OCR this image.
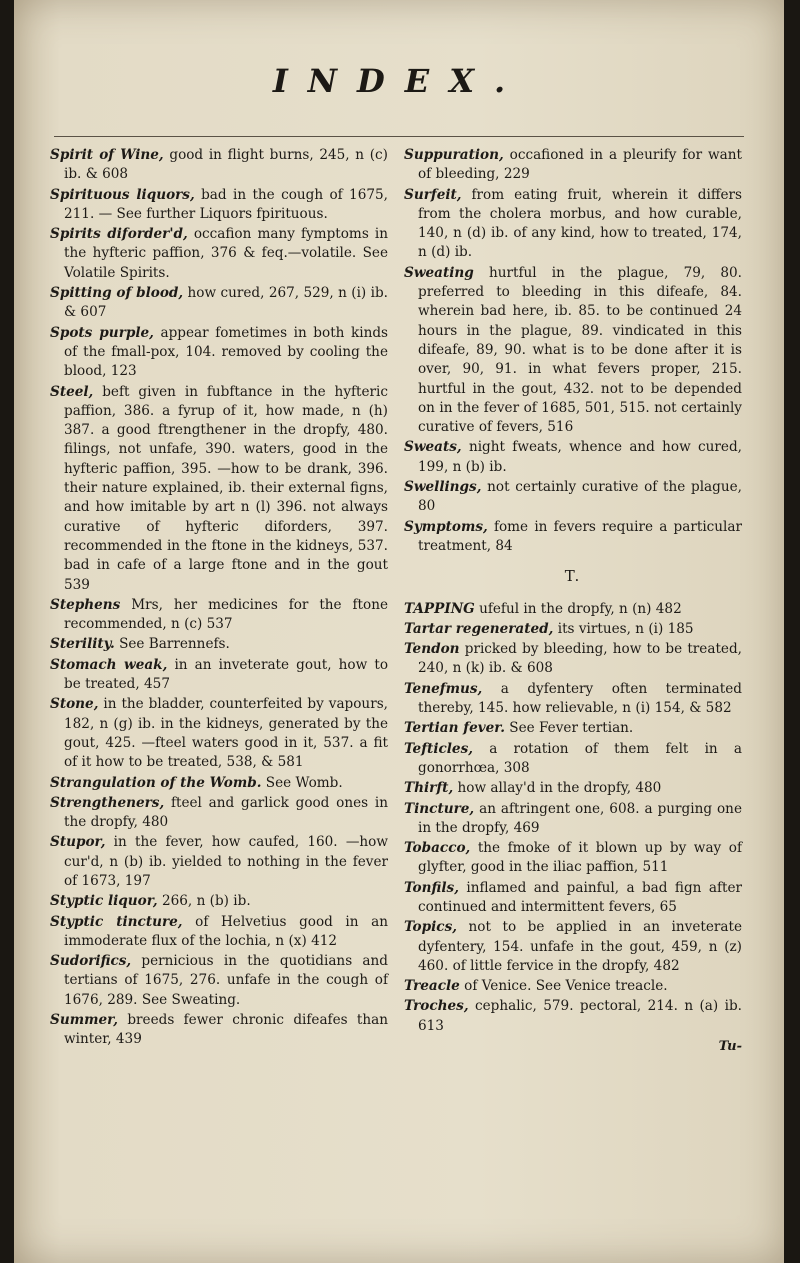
INDEX.

Spirit of Wine, good in flight burns, 245, n (c) ib. & 608

Spirituous liquors, bad in the cough of 1675, 211. — See further Liquors fpirituous.

Spirits diforder'd, occafion many fymptoms in the hyfteric paffion, 376 & feq.—volatile. See Volatile Spirits.

Spitting of blood, how cured, 267, 529, n (i) ib. & 607

Spots purple, appear fometimes in both kinds of the fmall-pox, 104. removed by cooling the blood, 123

Steel, beft given in fubftance in the hyfteric paffion, 386. a fyrup of it, how made, n (h) 387. a good ftrengthener in the dropfy, 480. filings, not unfafe, 390. waters, good in the hyfteric paffion, 395. —how to be drank, 396. their nature explained, ib. their external figns, and how imitable by art n (l) 396. not always curative of hyfteric diforders, 397. recommended in the ftone in the kidneys, 537. bad in cafe of a large ftone and in the gout 539

Stephens Mrs, her medicines for the ftone recommended, n (c) 537

Sterility. See Barrennefs.

Stomach weak, in an inveterate gout, how to be treated, 457

Stone, in the bladder, counterfeited by vapours, 182, n (g) ib. in the kidneys, generated by the gout, 425. —fteel waters good in it, 537. a fit of it how to be treated, 538, & 581

Strangulation of the Womb. See Womb.

Strengtheners, fteel and garlick good ones in the dropfy, 480

Stupor, in the fever, how caufed, 160. —how cur'd, n (b) ib. yielded to nothing in the fever of 1673, 197

Styptic liquor, 266, n (b) ib.

Styptic tincture, of Helvetius good in an immoderate flux of the lochia, n (x) 412

Sudorifics, pernicious in the quotidians and tertians of 1675, 276. unfafe in the cough of 1676, 289. See Sweating.

Summer, breeds fewer chronic difeafes than winter, 439

Suppuration, occafioned in a pleurify for want of bleeding, 229

Surfeit, from eating fruit, wherein it differs from the cholera morbus, and how curable, 140, n (d) ib. of any kind, how to treated, 174, n (d) ib.

Sweating hurtful in the plague, 79, 80. preferred to bleeding in this difeafe, 84. wherein bad here, ib. 85. to be continued 24 hours in the plague, 89. vindicated in this difeafe, 89, 90. what is to be done after it is over, 90, 91. in what fevers proper, 215. hurtful in the gout, 432. not to be depended on in the fever of 1685, 501, 515. not certainly curative of fevers, 516

Sweats, night fweats, whence and how cured, 199, n (b) ib.

Swellings, not certainly curative of the plague, 80

Symptoms, fome in fevers require a particular treatment, 84

T.

TAPPING ufeful in the dropfy, n (n) 482

Tartar regenerated, its virtues, n (i) 185

Tendon pricked by bleeding, how to be treated, 240, n (k) ib. & 608

Tenefmus, a dyfentery often terminated thereby, 145. how relievable, n (i) 154, & 582

Tertian fever. See Fever tertian.

Tefticles, a rotation of them felt in a gonorrhœa, 308

Thirft, how allay'd in the dropfy, 480

Tincture, an aftringent one, 608. a purging one in the dropfy, 469

Tobacco, the fmoke of it blown up by way of glyfter, good in the iliac paffion, 511

Tonfils, inflamed and painful, a bad fign after continued and intermittent fevers, 65

Topics, not to be applied in an inveterate dyfentery, 154. unfafe in the gout, 459, n (z) 460. of little fervice in the dropfy, 482

Treacle of Venice. See Venice treacle.

Troches, cephalic, 579. pectoral, 214. n (a) ib. 613

Tu-
